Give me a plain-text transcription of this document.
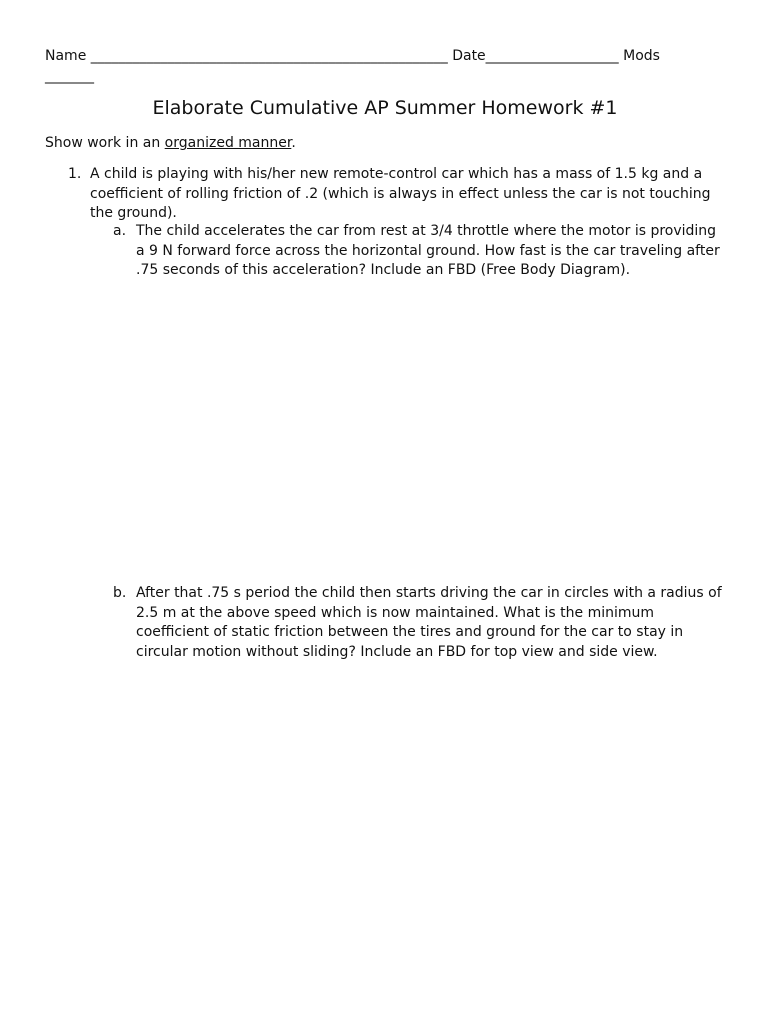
Name ___________________________________________________ Date___________________ Mods
_______
Elaborate Cumulative AP Summer Homework #1
Show work in an organized manner.
1. A child is playing with his/her new remote-control car which has a mass of 1.5 kg and a coefficient of rolling friction of .2 (which is always in effect unless the car is not touching the ground).
a. The child accelerates the car from rest at 3/4 throttle where the motor is providing a 9 N forward force across the horizontal ground. How fast is the car traveling after .75 seconds of this acceleration? Include an FBD (Free Body Diagram).
b. After that .75 s period the child then starts driving the car in circles with a radius of 2.5 m at the above speed which is now maintained. What is the minimum coefficient of static friction between the tires and ground for the car to stay in circular motion without sliding? Include an FBD for top view and side view.
